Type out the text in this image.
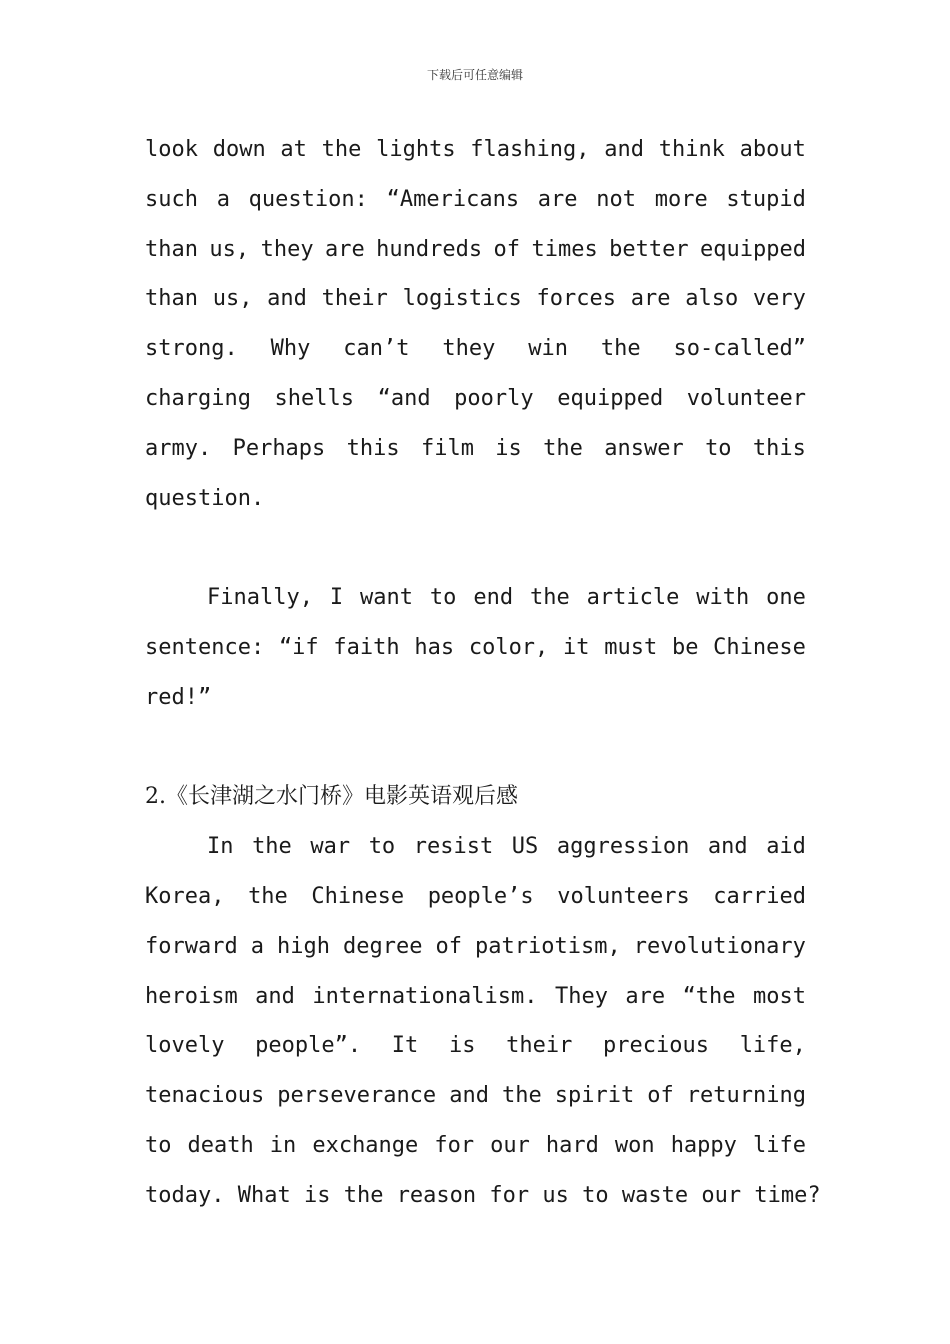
下载后可任意编辑
look down at the lights flashing, and think about
such a question: “Americans are not more stupid
than us, they are hundreds of times better equipped
than us, and their logistics forces are also very
strong. Why can’t they win the so-called”
charging shells “and poorly equipped volunteer
army. Perhaps this film is the answer to this
question.
Finally, I want to end the article with one
sentence: “if faith has color, it must be Chinese
red!”
2.《长津湖之水门桥》电影英语观后感
In the war to resist US aggression and aid
Korea, the Chinese people’s volunteers carried
forward a high degree of patriotism, revolutionary
heroism and internationalism. They are “the most
lovely people”. It is their precious life,
tenacious perseverance and the spirit of returning
to death in exchange for our hard won happy life
today. What is the reason for us to waste our time?
